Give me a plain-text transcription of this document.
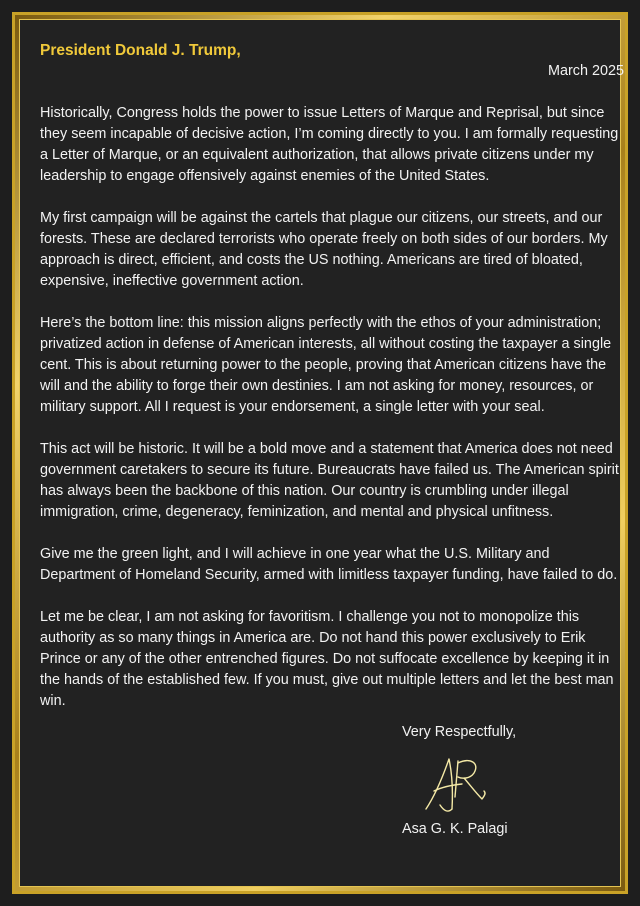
President Donald J. Trump,

March 2025

Historically, Congress holds the power to issue Letters of Marque and Reprisal, but since they seem incapable of decisive action, I’m coming directly to you. I am formally requesting a Letter of Marque, or an equivalent authorization, that allows private citizens under my leadership to engage offensively against enemies of the United States.

My first campaign will be against the cartels that plague our citizens, our streets, and our forests. These are declared terrorists who operate freely on both sides of our borders. My approach is direct, efficient, and costs the US nothing. Americans are tired of bloated, expensive, ineffective government action.

Here’s the bottom line: this mission aligns perfectly with the ethos of your administration; privatized action in defense of American interests, all without costing the taxpayer a single cent. This is about returning power to the people, proving that American citizens have the will and the ability to forge their own destinies. I am not asking for money, resources, or military support. All I request is your endorsement, a single letter with your seal.

This act will be historic. It will be a bold move and a statement that America does not need government caretakers to secure its future. Bureaucrats have failed us. The American spirit has always been the backbone of this nation. Our country is crumbling under illegal immigration, crime, degeneracy, feminization, and mental and physical unfitness.

Give me the green light, and I will achieve in one year what the U.S. Military and Department of Homeland Security, armed with limitless taxpayer funding, have failed to do.

Let me be clear, I am not asking for favoritism. I challenge you not to monopolize this authority as so many things in America are. Do not hand this power exclusively to Erik Prince or any of the other entrenched figures. Do not suffocate excellence by keeping it in the hands of the established few. If you must, give out multiple letters and let the best man win.

Very Respectfully,
Asa G. K. Palagi
